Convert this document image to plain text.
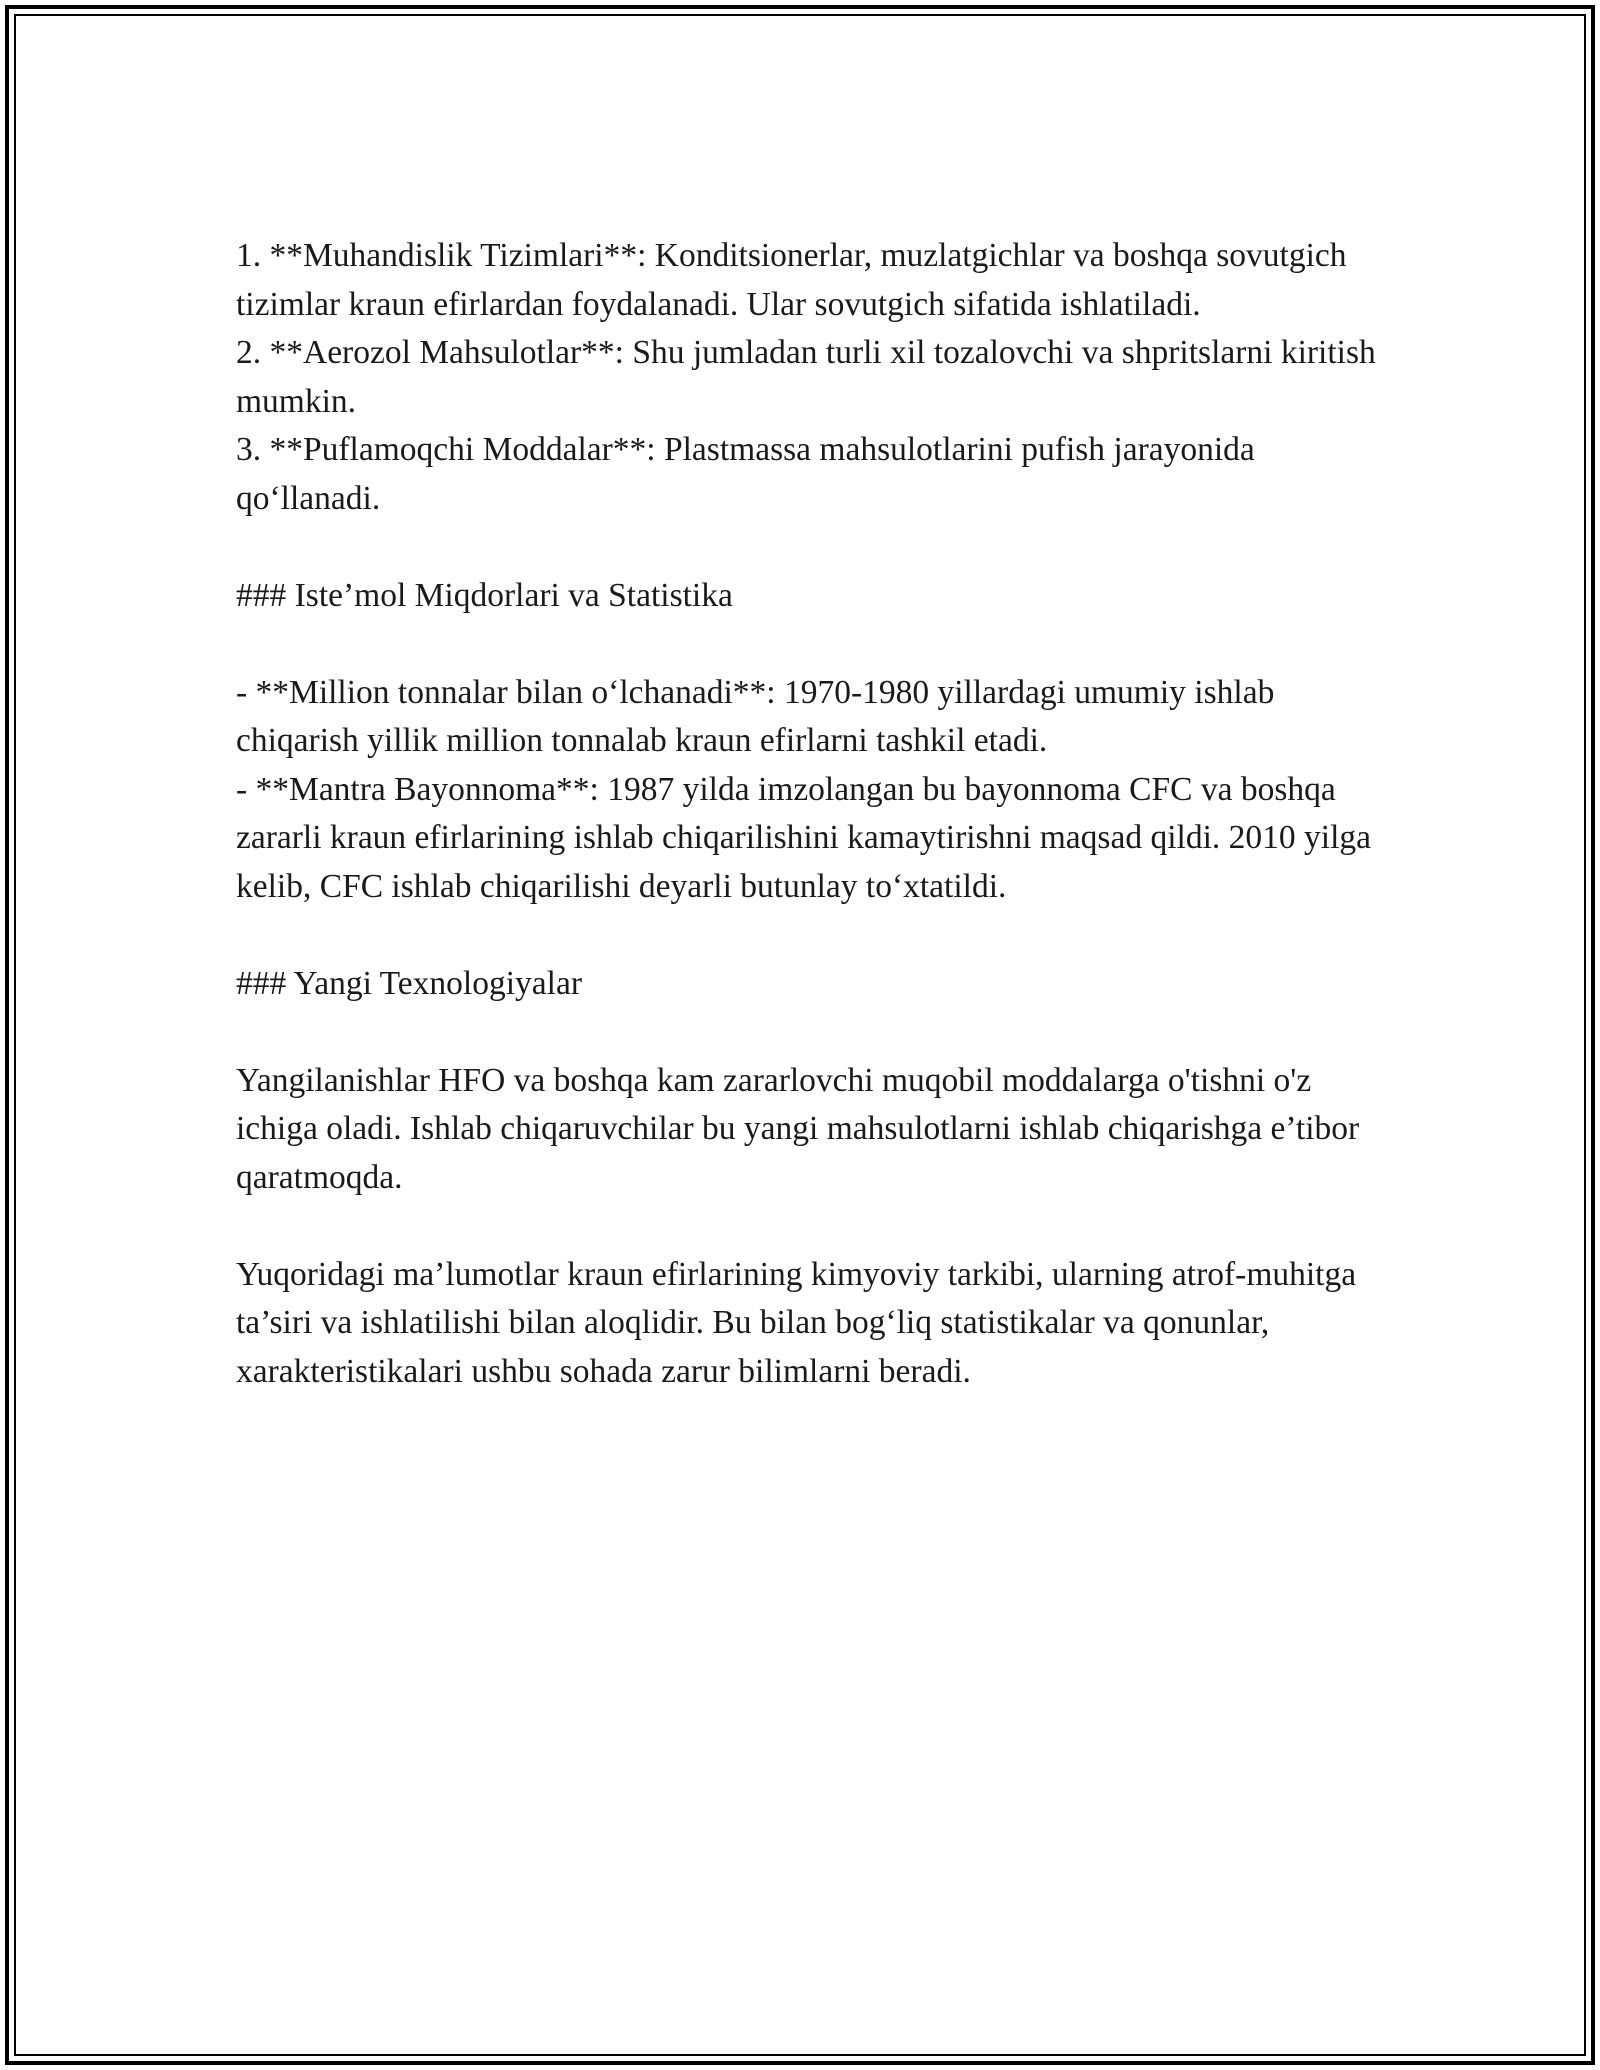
1. **Muhandislik Tizimlari**: Konditsionerlar, muzlatgichlar va boshqa sovutgich tizimlar kraun efirlardan foydalanadi. Ular sovutgich sifatida ishlatiladi.

2. **Aerozol Mahsulotlar**: Shu jumladan turli xil tozalovchi va shpritslarni kiritish mumkin.

3. **Puflamoqchi Moddalar**: Plastmassa mahsulotlarini pufish jarayonida qo‘llanadi.

### Iste’mol Miqdorlari va Statistika

- **Million tonnalar bilan o‘lchanadi**: 1970-1980 yillardagi umumiy ishlab chiqarish yillik million tonnalab kraun efirlarni tashkil etadi.

- **Mantra Bayonnoma**: 1987 yilda imzolangan bu bayonnoma CFC va boshqa zararli kraun efirlarining ishlab chiqarilishini kamaytirishni maqsad qildi. 2010 yilga kelib, CFC ishlab chiqarilishi deyarli butunlay to‘xtatildi.

### Yangi Texnologiyalar

Yangilanishlar HFO va boshqa kam zararlovchi muqobil moddalarga o'tishni o'z ichiga oladi. Ishlab chiqaruvchilar bu yangi mahsulotlarni ishlab chiqarishga e’tibor qaratmoqda.

Yuqoridagi ma’lumotlar kraun efirlarining kimyoviy tarkibi, ularning atrof-muhitga ta’siri va ishlatilishi bilan aloqlidir. Bu bilan bog‘liq statistikalar va qonunlar, xarakteristikalari ushbu sohada zarur bilimlarni beradi.
